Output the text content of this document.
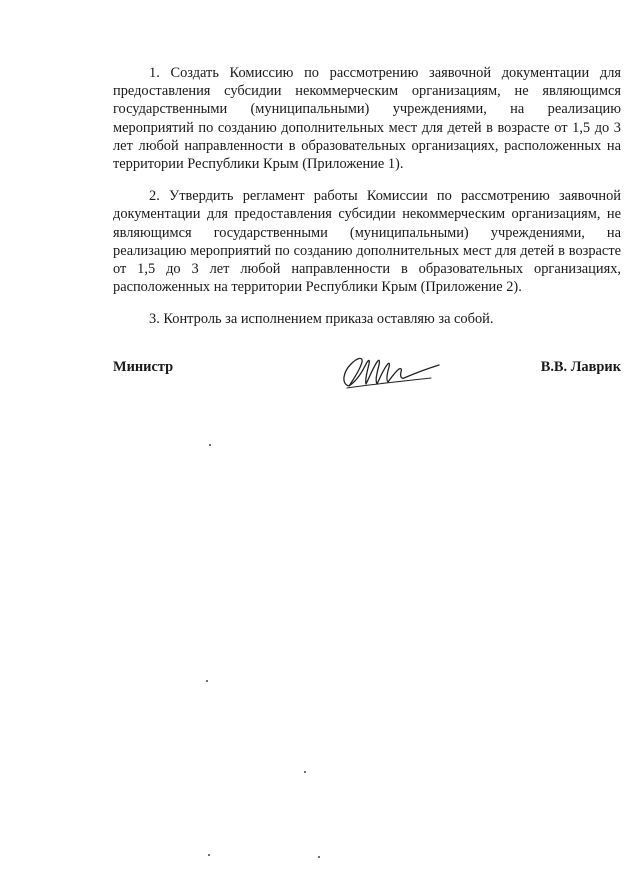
1. Создать Комиссию по рассмотрению заявочной документации для предоставления субсидии некоммерческим организациям, не являющимся государственными (муниципальными) учреждениями, на реализацию мероприятий по созданию дополнительных мест для детей в возрасте от 1,5 до 3 лет любой направленности в образовательных организациях, расположенных на территории Республики Крым (Приложение 1).

2. Утвердить регламент работы Комиссии по рассмотрению заявочной документации для предоставления субсидии некоммерческим организациям, не являющимся государственными (муниципальными) учреждениями, на реализацию мероприятий по созданию дополнительных мест для детей в возрасте от 1,5 до 3 лет любой направленности в образовательных организациях, расположенных на территории Республики Крым (Приложение 2).

3. Контроль за исполнением приказа оставляю за собой.

Министр	В.В. Лаврик
